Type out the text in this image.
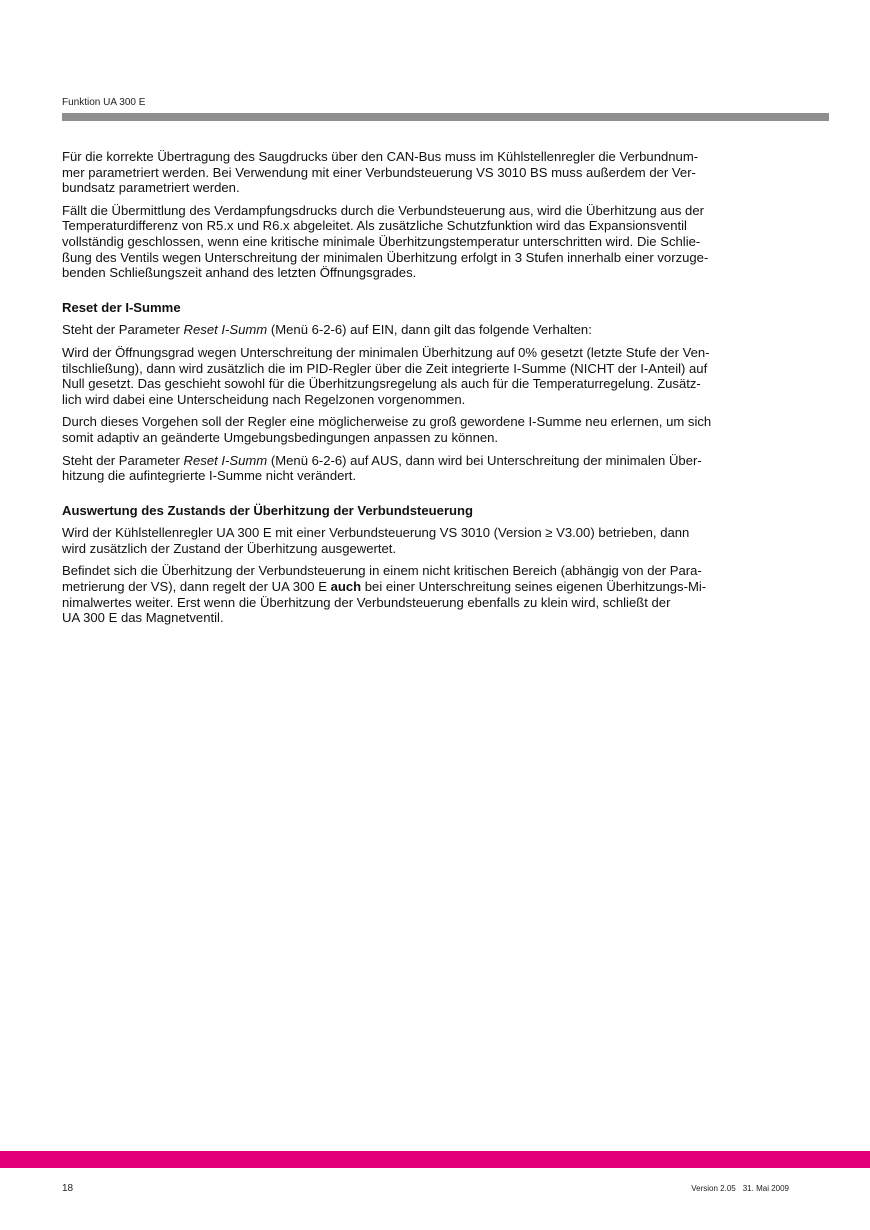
Funktion UA 300 E

Für die korrekte Übertragung des Saugdrucks über den CAN-Bus muss im Kühlstellenregler die Verbundnum-
mer parametriert werden. Bei Verwendung mit einer Verbundsteuerung VS 3010 BS muss außerdem der Ver-
bundsatz parametriert werden.

Fällt die Übermittlung des Verdampfungsdrucks durch die Verbundsteuerung aus, wird die Überhitzung aus der
Temperaturdifferenz von R5.x und R6.x abgeleitet. Als zusätzliche Schutzfunktion wird das Expansionsventil
vollständig geschlossen, wenn eine kritische minimale Überhitzungstemperatur unterschritten wird. Die Schlie-
ßung des Ventils wegen Unterschreitung der minimalen Überhitzung erfolgt in 3 Stufen innerhalb einer vorzuge-
benden Schließungszeit anhand des letzten Öffnungsgrades.

Reset der I-Summe

Steht der Parameter Reset I-Summ (Menü 6-2-6) auf EIN, dann gilt das folgende Verhalten:

Wird der Öffnungsgrad wegen Unterschreitung der minimalen Überhitzung auf 0% gesetzt (letzte Stufe der Ven-
tilschließung), dann wird zusätzlich die im PID-Regler über die Zeit integrierte I-Summe (NICHT der I-Anteil) auf
Null gesetzt. Das geschieht sowohl für die Überhitzungsregelung als auch für die Temperaturregelung. Zusätz-
lich wird dabei eine Unterscheidung nach Regelzonen vorgenommen.

Durch dieses Vorgehen soll der Regler eine möglicherweise zu groß gewordene I-Summe neu erlernen, um sich
somit adaptiv an geänderte Umgebungsbedingungen anpassen zu können.

Steht der Parameter Reset I-Summ (Menü 6-2-6) auf AUS, dann wird bei Unterschreitung der minimalen Über-
hitzung die aufintegrierte I-Summe nicht verändert.

Auswertung des Zustands der Überhitzung der Verbundsteuerung

Wird der Kühlstellenregler UA 300 E mit einer Verbundsteuerung VS 3010 (Version ≥ V3.00) betrieben, dann
wird zusätzlich der Zustand der Überhitzung ausgewertet.

Befindet sich die Überhitzung der Verbundsteuerung in einem nicht kritischen Bereich (abhängig von der Para-
metrierung der VS), dann regelt der UA 300 E auch bei einer Unterschreitung seines eigenen Überhitzungs-Mi-
nimalwertes weiter. Erst wenn die Überhitzung der Verbundsteuerung ebenfalls zu klein wird, schließt der
UA 300 E das Magnetventil.

18	Version 2.05 31. Mai 2009
